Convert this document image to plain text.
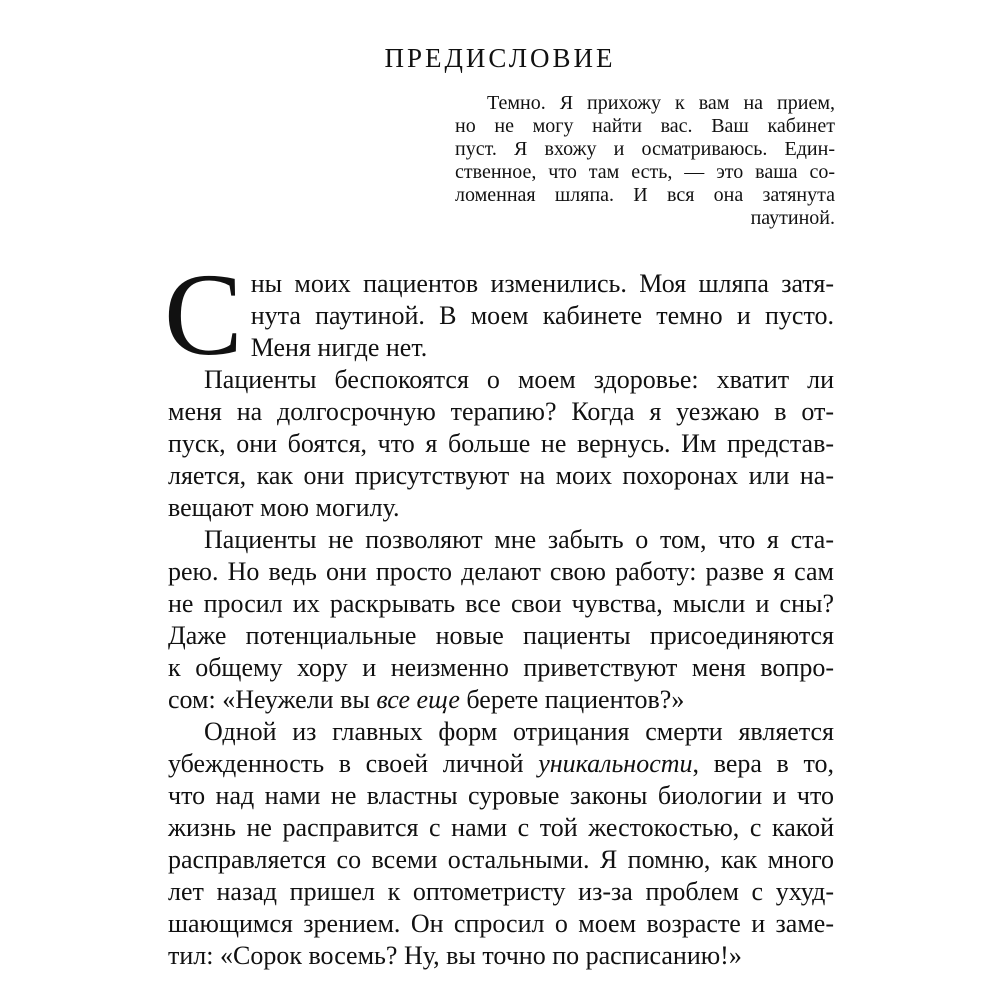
ПРЕДИСЛОВИЕ
Темно. Я прихожу к вам на прием,
но не могу найти вас. Ваш кабинет
пуст. Я вхожу и осматриваюсь. Един-
ственное, что там есть, — это ваша со-
ломенная шляпа. И вся она затянута
паутиной.
С ны моих пациентов изменились. Моя шляпа затя-
нута паутиной. В моем кабинете темно и пусто.
Меня нигде нет.
Пациенты беспокоятся о моем здоровье: хватит ли
меня на долгосрочную терапию? Когда я уезжаю в от-
пуск, они боятся, что я больше не вернусь. Им представ-
ляется, как они присутствуют на моих похоронах или на-
вещают мою могилу.
Пациенты не позволяют мне забыть о том, что я ста-
рею. Но ведь они просто делают свою работу: разве я сам
не просил их раскрывать все свои чувства, мысли и сны?
Даже потенциальные новые пациенты присоединяются
к общему хору и неизменно приветствуют меня вопро-
сом: «Неужели вы все еще берете пациентов?»
Одной из главных форм отрицания смерти является
убежденность в своей личной уникальности, вера в то,
что над нами не властны суровые законы биологии и что
жизнь не расправится с нами с той жестокостью, с какой
расправляется со всеми остальными. Я помню, как много
лет назад пришел к оптометристу из-за проблем с ухуд-
шающимся зрением. Он спросил о моем возрасте и заме-
тил: «Сорок восемь? Ну, вы точно по расписанию!»
